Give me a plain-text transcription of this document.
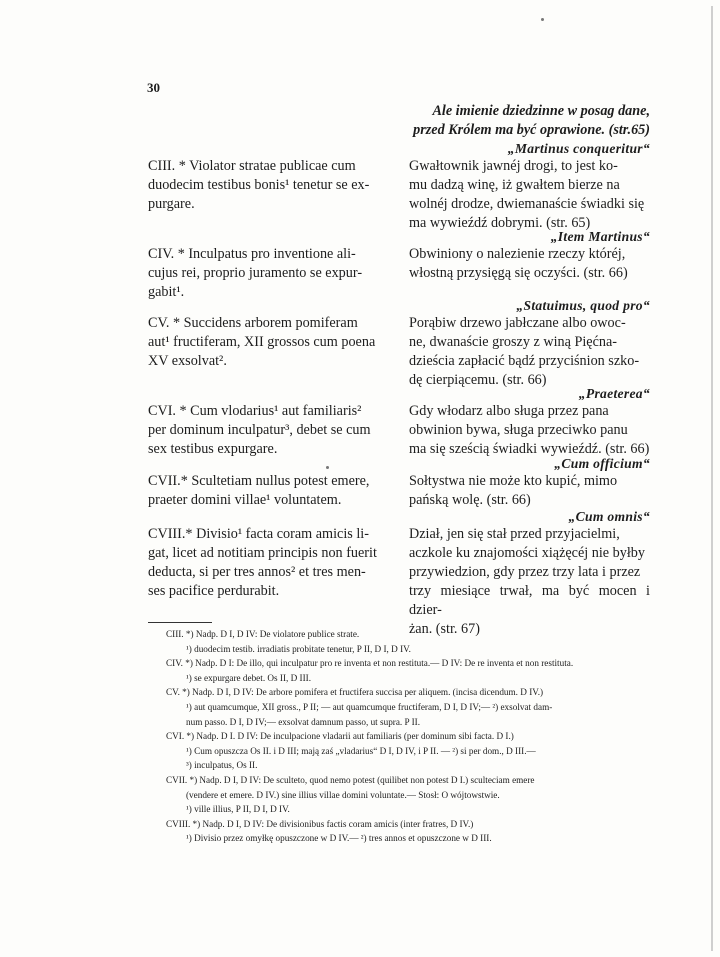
30
Ale imienie dziedzinne w posag dane,
przed Królem ma być oprawione. (str.65)
„Martinus conqueritur“
CIII. * Violator stratae publicae cum
duodecim testibus bonis¹ tenetur se ex-
purgare.
Gwałtownik jawnéj drogi, to jest ko-
mu dadzą winę, iż gwałtem bierze na
wolnéj drodze, dwiemanaście świadki się
ma wywieźdź dobrymi. (str. 65)
„Item Martinus“
CIV. * Inculpatus pro inventione ali-
cujus rei, proprio juramento se expur-
gabit¹.
Obwiniony o nalezienie rzeczy któréj,
włostną przysięgą się oczyści. (str. 66)
„Statuimus, quod pro“
CV. * Succidens arborem pomiferam
aut¹ fructiferam, XII grossos cum poena
XV exsolvat².
Porąbiw drzewo jabłczane albo owoc-
ne, dwanaście groszy z winą Pięćna-
dzieścia zapłacić bądź przyciśnion szko-
dę cierpiącemu. (str. 66)
„Praeterea“
CVI. * Cum vlodarius¹ aut familiaris²
per dominum inculpatur³, debet se cum
sex testibus expurgare.
Gdy włodarz albo sługa przez pana
obwinion bywa, sługa przeciwko panu
ma się sześcią świadki wywieźdź. (str. 66)
„Cum officium“
CVII.* Scultetiam nullus potest emere,
praeter domini villae¹ voluntatem.
Sołtystwa nie może kto kupić, mimo
pańską wolę. (str. 66)
„Cum omnis“
CVIII.* Divisio¹ facta coram amicis li-
gat, licet ad notitiam principis non fuerit
deducta, si per tres annos² et tres men-
ses pacifice perdurabit.
Dział, jen się stał przed przyjacielmi,
aczkole ku znajomości xiążęcéj nie byłby
przywiedzion, gdy przez trzy lata i przez
trzy miesiące trwał, ma być mocen i dzier-
żan. (str. 67)
CIII. *) Nadp. D I, D IV: De violatore publice strate.
¹) duodecim testib. irradiatis probitate tenetur, P II, D I, D IV.
CIV. *) Nadp. D I: De illo, qui inculpatur pro re inventa et non restituta.— D IV: De re inventa et non restituta.
¹) se expurgare debet. Os II, D III.
CV. *) Nadp. D I, D IV: De arbore pomifera et fructifera succisa per aliquem. (incisa dicendum. D IV.)
¹) aut quamcumque, XII gross., P II; — aut quamcumque fructiferam, D I, D IV;— ²) exsolvat dam-
num passo. D I, D IV;— exsolvat damnum passo, ut supra. P II.
CVI. *) Nadp. D I. D IV: De inculpacione vladarii aut familiaris (per dominum sibi facta. D I.)
¹) Cum opuszcza Os II. i D III; mają zaś „vladarius“ D I, D IV, i P II. — ²) si per dom., D III.—
³) inculpatus, Os II.
CVII. *) Nadp. D I, D IV: De sculteto, quod nemo potest (quilibet non potest D I.) sculteciam emere
(vendere et emere. D IV.) sine illius villae domini voluntate.— Stosł: O wójtowstwie.
¹) ville illius, P II, D I, D IV.
CVIII. *) Nadp. D I, D IV: De divisionibus factis coram amicis (inter fratres, D IV.)
¹) Divisio przez omyłkę opuszczone w D IV.— ²) tres annos et opuszczone w D III.
